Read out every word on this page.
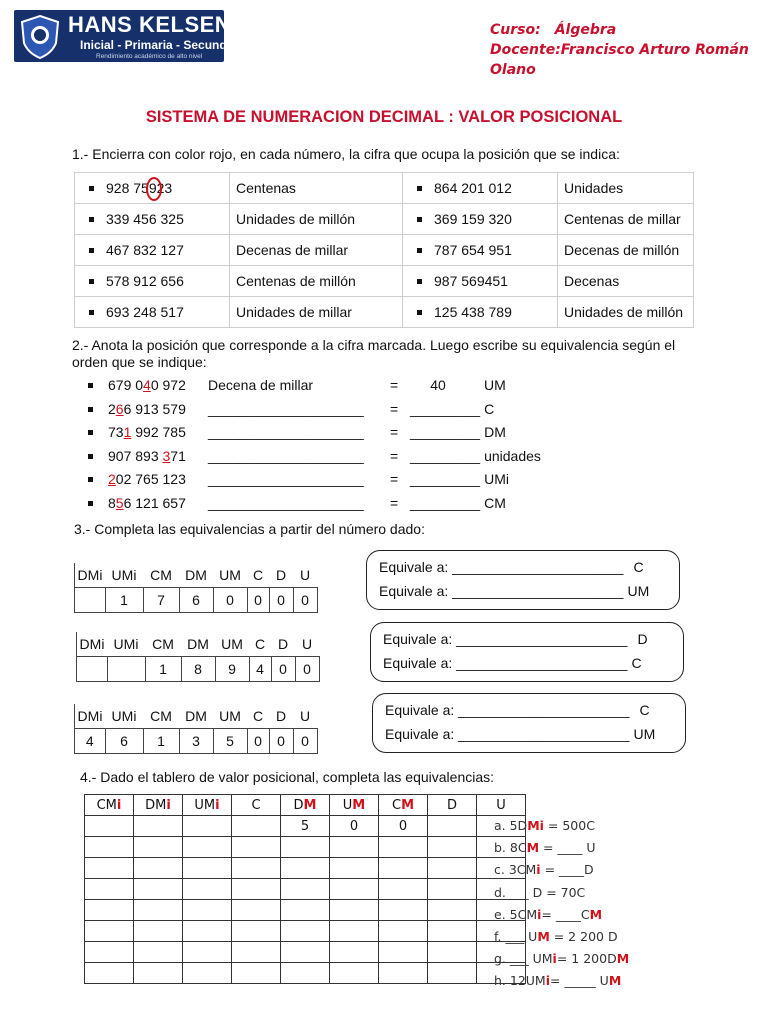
HANS KELSEN
Inicial - Primaria - Secundaria
Rendimiento académico de alto nivel
Curso: Álgebra
Docente:Francisco Arturo Román Olano
SISTEMA DE NUMERACION DECIMAL : VALOR POSICIONAL
1.- Encierra con color rojo, en cada número, la cifra que ocupa la posición que se indica:
928 75923	Centenas	864 201 012	Unidades
339 456 325	Unidades de millón	369 159 320	Centenas de millar
467 832 127	Decenas de millar	787 654 951	Decenas de millón
578 912 656	Centenas de millón	987 569451	Decenas
693 248 517	Unidades de millar	125 438 789	Unidades de millón
2.- Anota la posición que corresponde a la cifra marcada. Luego escribe su equivalencia según el
orden que se indique:
679 040 972 Decena de millar	=	40	UM
266 913 579 ____________________ = _________ C
731 992 785 ____________________ = _________ DM
907 893 371 ____________________ = _________ unidades
202 765 123 ____________________ = _________ UMi
856 121 657 ____________________ = _________ CM
3.- Completa las equivalencias a partir del número dado:
DMi	UMi	CM	DM	UM	C	D	U
	1	7	6	0	0	0	0
Equivale a: ______________________ C
Equivale a: ______________________ UM
DMi	UMi	CM	DM	UM	C	D	U
		1	8	9	4	0	0
Equivale a: ______________________ D
Equivale a: ______________________ C
DMi	UMi	CM	DM	UM	C	D	U
4	6	1	3	5	0	0	0
Equivale a: ______________________ C
Equivale a: ______________________ UM
4.- Dado el tablero de valor posicional, completa las equivalencias:
CMi	DMi	UMi	C	DM	UM	CM	D	U
				5	0	0		

									a. 5DMi = 500C
b. 8CM = ____ U
c. 3CMi = ____D
d. ___ D = 70C
e. 5CMi= ____CM
f. ___ UM = 2 200 D
g. ___ UMi= 1 200DM
h. 12UMi= _____ UM
